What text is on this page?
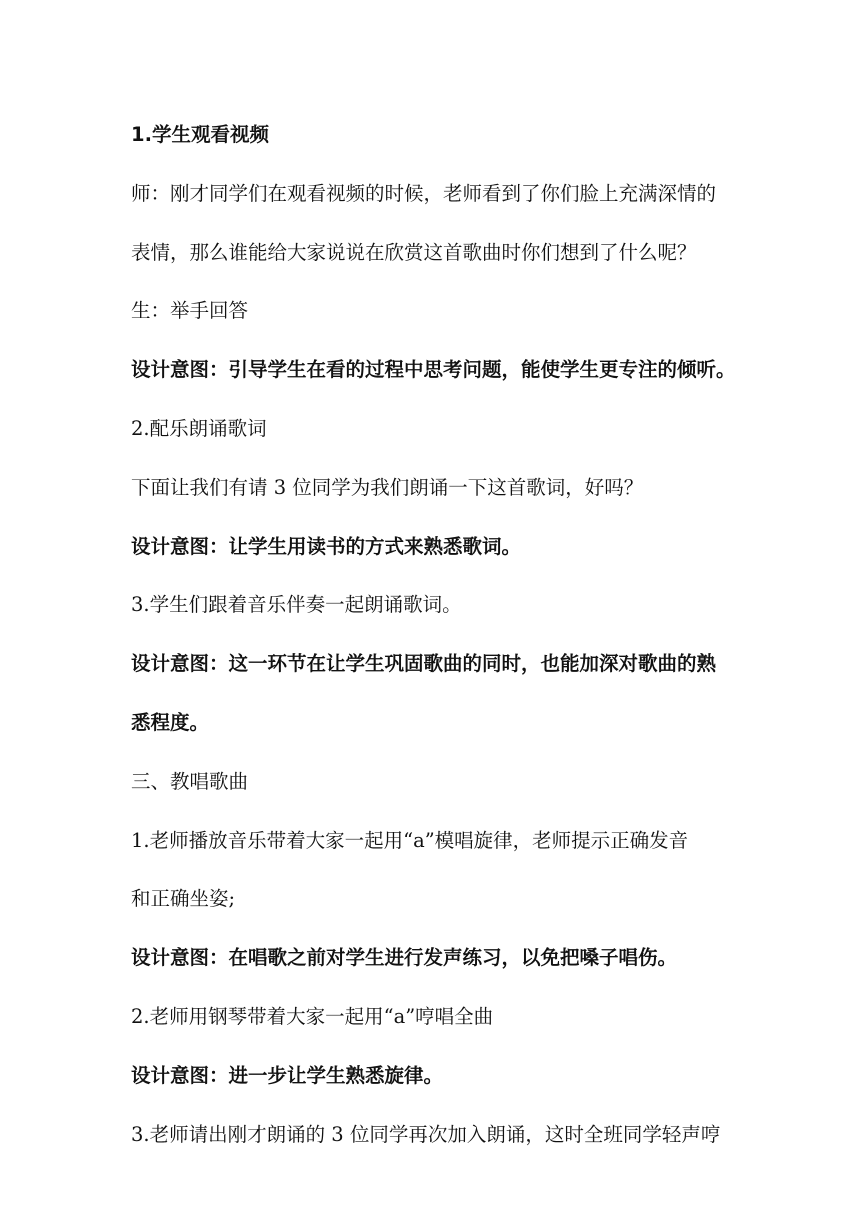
1.学生观看视频

师：刚才同学们在观看视频的时候，老师看到了你们脸上充满深情的

表情，那么谁能给大家说说在欣赏这首歌曲时你们想到了什么呢？

生：举手回答

设计意图：引导学生在看的过程中思考问题，能使学生更专注的倾听。

2.配乐朗诵歌词

下面让我们有请 3 位同学为我们朗诵一下这首歌词，好吗？

设计意图：让学生用读书的方式来熟悉歌词。

3.学生们跟着音乐伴奏一起朗诵歌词。

设计意图：这一环节在让学生巩固歌曲的同时，也能加深对歌曲的熟

悉程度。

三、教唱歌曲

1.老师播放音乐带着大家一起用“a”模唱旋律，老师提示正确发音

和正确坐姿;

设计意图：在唱歌之前对学生进行发声练习，以免把嗓子唱伤。

2.老师用钢琴带着大家一起用“a”哼唱全曲

设计意图：进一步让学生熟悉旋律。

3.老师请出刚才朗诵的 3 位同学再次加入朗诵，这时全班同学轻声哼
